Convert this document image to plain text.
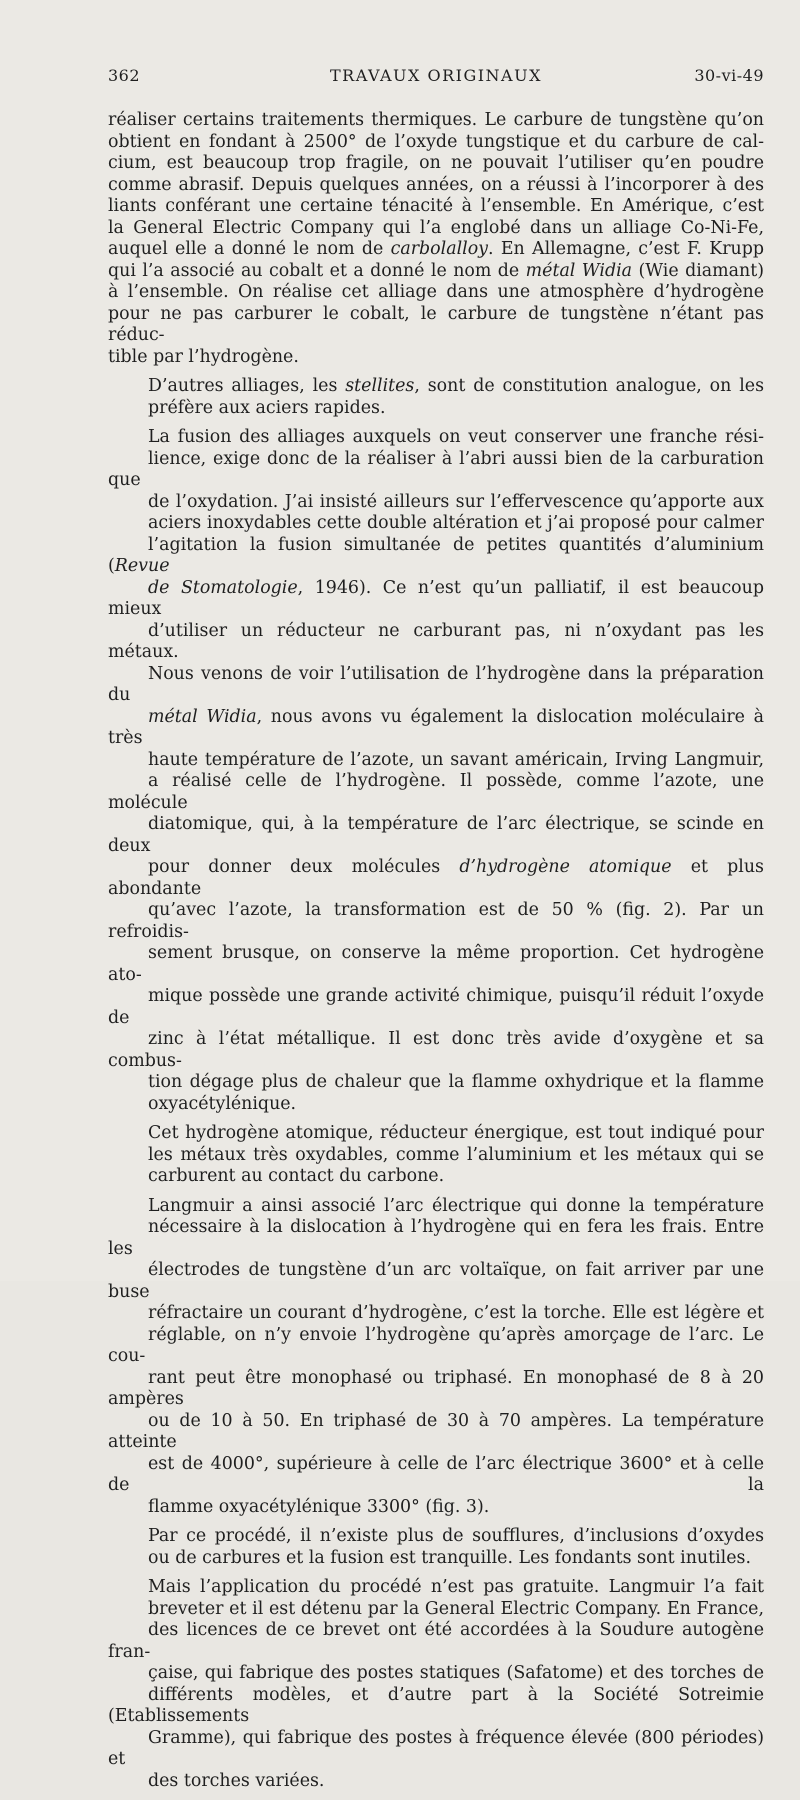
362	TRAVAUX ORIGINAUX	30-vi-49

réaliser certains traitements thermiques. Le carbure de tungstène qu’on
obtient en fondant à 2500° de l’oxyde tungstique et du carbure de cal-
cium, est beaucoup trop fragile, on ne pouvait l’utiliser qu’en poudre
comme abrasif. Depuis quelques années, on a réussi à l’incorporer à des
liants conférant une certaine ténacité à l’ensemble. En Amérique, c’est
la General Electric Company qui l’a englobé dans un alliage Co-Ni-Fe,
auquel elle a donné le nom de carbolalloy. En Allemagne, c’est F. Krupp
qui l’a associé au cobalt et a donné le nom de métal Widia (Wie diamant)
à l’ensemble. On réalise cet alliage dans une atmosphère d’hydrogène
pour ne pas carburer le cobalt, le carbure de tungstène n’étant pas réduc-
tible par l’hydrogène.

D’autres alliages, les stellites, sont de constitution analogue, on les
préfère aux aciers rapides.

La fusion des alliages auxquels on veut conserver une franche rési-
lience, exige donc de la réaliser à l’abri aussi bien de la carburation que
de l’oxydation. J’ai insisté ailleurs sur l’effervescence qu’apporte aux
aciers inoxydables cette double altération et j’ai proposé pour calmer
l’agitation la fusion simultanée de petites quantités d’aluminium (Revue
de Stomatologie, 1946). Ce n’est qu’un palliatif, il est beaucoup mieux
d’utiliser un réducteur ne carburant pas, ni n’oxydant pas les métaux.
Nous venons de voir l’utilisation de l’hydrogène dans la préparation du
métal Widia, nous avons vu également la dislocation moléculaire à très
haute température de l’azote, un savant américain, Irving Langmuir,
a réalisé celle de l’hydrogène. Il possède, comme l’azote, une molécule
diatomique, qui, à la température de l’arc électrique, se scinde en deux
pour donner deux molécules d’hydrogène atomique et plus abondante
qu’avec l’azote, la transformation est de 50 % (fig. 2). Par un refroidis-
sement brusque, on conserve la même proportion. Cet hydrogène ato-
mique possède une grande activité chimique, puisqu’il réduit l’oxyde de
zinc à l’état métallique. Il est donc très avide d’oxygène et sa combus-
tion dégage plus de chaleur que la flamme oxhydrique et la flamme
oxyacétylénique.

Cet hydrogène atomique, réducteur énergique, est tout indiqué pour
les métaux très oxydables, comme l’aluminium et les métaux qui se
carburent au contact du carbone.

Langmuir a ainsi associé l’arc électrique qui donne la température
nécessaire à la dislocation à l’hydrogène qui en fera les frais. Entre les
électrodes de tungstène d’un arc voltaïque, on fait arriver par une buse
réfractaire un courant d’hydrogène, c’est la torche. Elle est légère et
réglable, on n’y envoie l’hydrogène qu’après amorçage de l’arc. Le cou-
rant peut être monophasé ou triphasé. En monophasé de 8 à 20 ampères
ou de 10 à 50. En triphasé de 30 à 70 ampères. La température atteinte
est de 4000°, supérieure à celle de l’arc électrique 3600° et à celle de la
flamme oxyacétylénique 3300° (fig. 3).

Par ce procédé, il n’existe plus de soufflures, d’inclusions d’oxydes
ou de carbures et la fusion est tranquille. Les fondants sont inutiles.

Mais l’application du procédé n’est pas gratuite. Langmuir l’a fait
breveter et il est détenu par la General Electric Company. En France,
des licences de ce brevet ont été accordées à la Soudure autogène fran-
çaise, qui fabrique des postes statiques (Safatome) et des torches de
différents modèles, et d’autre part à la Société Sotreimie (Etablissements
Gramme), qui fabrique des postes à fréquence élevée (800 périodes) et
des torches variées.
